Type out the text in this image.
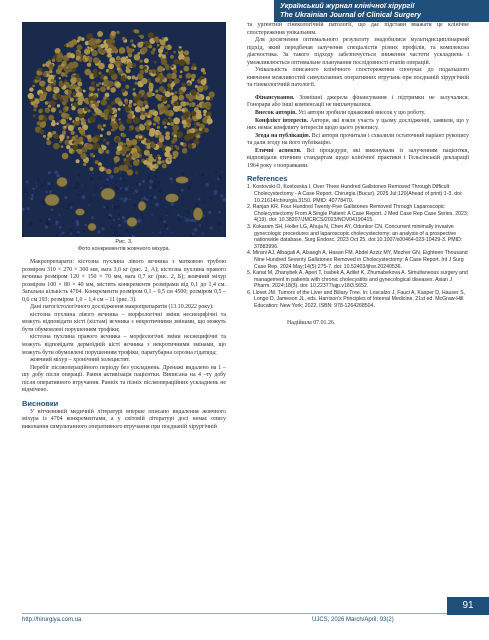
Український журнал клінічної хірургії
The Ukrainian Journal of Clinical Surgery
Рис. 3.
Фото конкрементів жовчного міхура.

Макропрепарати: кістозна пухлина лівого яєчника з матковою трубою розміром 310 × 270 × 300 мм, вага 3,0 кг (рис. 2, А); кістозна пухлина правого яєчника розміром 120 × 150 × 70 мм, вага 0,7 кг (рис. 2, Б); жовчний міхур розміром 100 × 80 × 40 мм, містить конкременти розмірами від 0,1 до 1,4 см. Загальна кількість 4704. Конкременти розміром 0,1 – 0,5 см 4500; розміром 0,5 – 0,6 см 193; розміром 1,0 – 1,4 см – 11 (рис. 3).

Дані патогістологічного дослідження макропрепаратів (13.10.2022 року):

кістозна пухлина лівого яєчника – морфологічні зміни несиецифічні та можуть відповідати кісті (кістам) яєчника з некротичними змінами, що можуть бути обумовлені порушенням трофіки;

кістозна пухлина правого яєчника – морфологічні зміни несиецифічні та можуть відповідати дермоїдній кісті яєчника з некротичними змінами, що можуть бути обумовлені порушенням трофіки, паратубарна серозна гідатида;

жовчний міхур – хронічний холецистит.

Перебіг післяопераційного періоду без ускладнень. Дренажі видалено на 1 –шу добу після операції. Рання активізація пацієнтки. Виписана на 4 –ту добу після оперативного втручання. Ранніх та пізніх післяопераційних ускладнень не відмічено.

Висновки

У вітчизняній медичній літературі вперше описано видалення жовчного міхура із 4704 конкрементами, а у світовій літературі досі немає опису виконання симультанного оперативного втручання при поєднаній хірургічній

та ургентній гінекологічній патології, що дає підстави вважати це клінічне спостереження унікальним.

Для досягнення оптимального результату знадобилися мультидисциплінарний підхід, який передбачав залучення спеціалістів різних профілів, та комплексна діагностика. За такого підходу забезпечується зниження частоти ускладнень і уможливлюється оптимальне планування послідовності етапів операцій.

Унікальність описаного клінічного спостереження спонукає до подальшого вивчення можливостей симультанних оперативних втручань при поєднаній хірургічній та гінекологічній патології.

Фінансування. Зовнішні джерела фінансування і підтримки не залучалися. Гонорари або інші компенсації не виплачувалися.

Внесок авторів. Усі автори зробили однаковий внесок у цю роботу.

Конфлікт інтересів. Автори, які взяли участь у цьому дослідженні, заявили, що у них немає конфлікту інтересів щодо цього рукопису.

Згода на публікацію. Всі автори прочитали і схвалили остаточний варіант рукопису та дали згоду на його публікацію.

Етичні аспекти. Всі процедури, які виконували із залученням пацієнтки, відповідали етичним стандартам щодо клінічної практики і Гельсінській декларації 1964 року з поправками.

References

1. Kostovski O, Kostovska I. Over Three Hundred Gallstones Removed Through Difficult Cholecystectomy - A Case Report. Chirurgia (Bucur). 2025 Jul;120(Ahead of print):1-3. doi: 10.21614/chirurgia.3150. PMID: 40778470.

2. Ranjan KR. Four Hundred Twenty-Five Gallstones Removed Through Laparoscopic Cholecystectomy From A Single Patient: A Case Report. J Med Case Rep Case Series. 2023; 4(19). doi: 10.38207/JMCRCS/2023/NOV04190415.

3. Kokaram SH, Holler LG, Ahuja N, Chen AY, Odonkor CN. Concurrent minimally invasive gynecologic procedures and laparoscopic cholecystectomy: an analysis of a prospective nationwide database. Surg Endosc. 2023 Oct 25. doi:10.1007/s00464-023-10429-3. PMID: 37883996.

4. Mirani AJ, Albagali A, Alsaegh A, Hasan FM, Abdel Azziz MY, Mezher GN. Eighteen Thousand Nine Hundred Seventy Gallstones Removed in Cholecystectomy: A Case Report. Int J Surg Case Rep. 2024 May;14(5):275-7. doi: 10.52403/ijhsr.20240536.

5. Kanat M, Zhanybek A, Aperi T, Isabek A, Adilet K, Zhumabekova A. Simultaneous surgery and management in patients with chronic cholecystitis and gynecological diseases. Asian J Pharm. 2024;18(3). doi: 10.22377/ajp.v18i3.5652.

6. Llovet JM. Tumors of the Liver and Biliary Tree. In: Loscalzo J, Fauci A, Kasper D, Hauser S, Longo D, Jameson JL, eds. Harrison's Principles of Internal Medicine, 21st ed. McGraw-Hill Education: New York; 2022. ISBN: 978-1264268504.

Надійшла 07.01.26.

http://hirurgiya.com.ua	UJCS, 2026 March/April; 93(2)
91
